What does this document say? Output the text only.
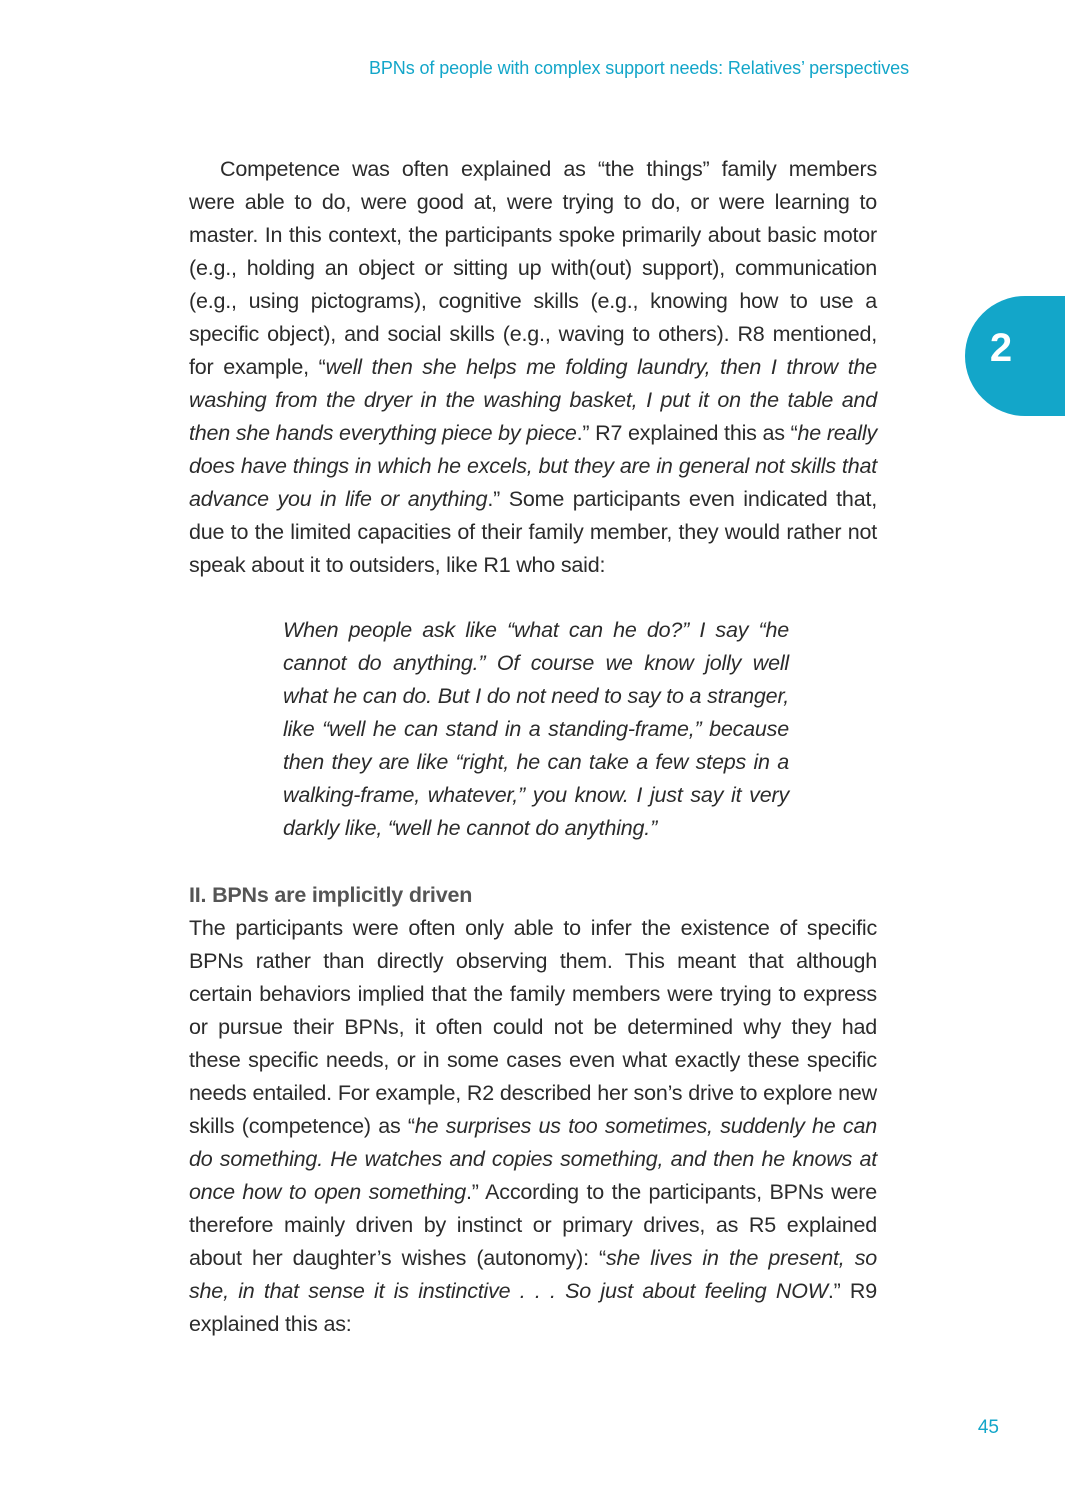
BPNs of people with complex support needs: Relatives’ perspectives
2

Competence was often explained as “the things” family members were able to do, were good at, were trying to do, or were learning to master. In this context, the participants spoke primarily about basic motor (e.g., holding an object or sitting up with(out) support), communication (e.g., using pictograms), cognitive skills (e.g., knowing how to use a specific object), and social skills (e.g., waving to others). R8 mentioned, for example, “well then she helps me folding laundry, then I throw the washing from the dryer in the washing basket, I put it on the table and then she hands everything piece by piece.” R7 explained this as “he really does have things in which he excels, but they are in general not skills that advance you in life or anything.” Some participants even indicated that, due to the limited capacities of their family member, they would rather not speak about it to outsiders, like R1 who said:

When people ask like “what can he do?” I say “he cannot do anything.” Of course we know jolly well what he can do. But I do not need to say to a stranger, like “well he can stand in a standing-frame,” because then they are like “right, he can take a few steps in a walking-frame, whatever,” you know. I just say it very darkly like, “well he cannot do anything.”

II. BPNs are implicitly driven

The participants were often only able to infer the existence of specific BPNs rather than directly observing them. This meant that although certain behaviors implied that the family members were trying to express or pursue their BPNs, it often could not be determined why they had these specific needs, or in some cases even what exactly these specific needs entailed. For example, R2 described her son’s drive to explore new skills (competence) as “he surprises us too sometimes, suddenly he can do something. He watches and copies something, and then he knows at once how to open something.” According to the participants, BPNs were therefore mainly driven by instinct or primary drives, as R5 explained about her daughter’s wishes (autonomy): “she lives in the present, so she, in that sense it is instinctive . . . So just about feeling NOW.” R9 explained this as:

45
